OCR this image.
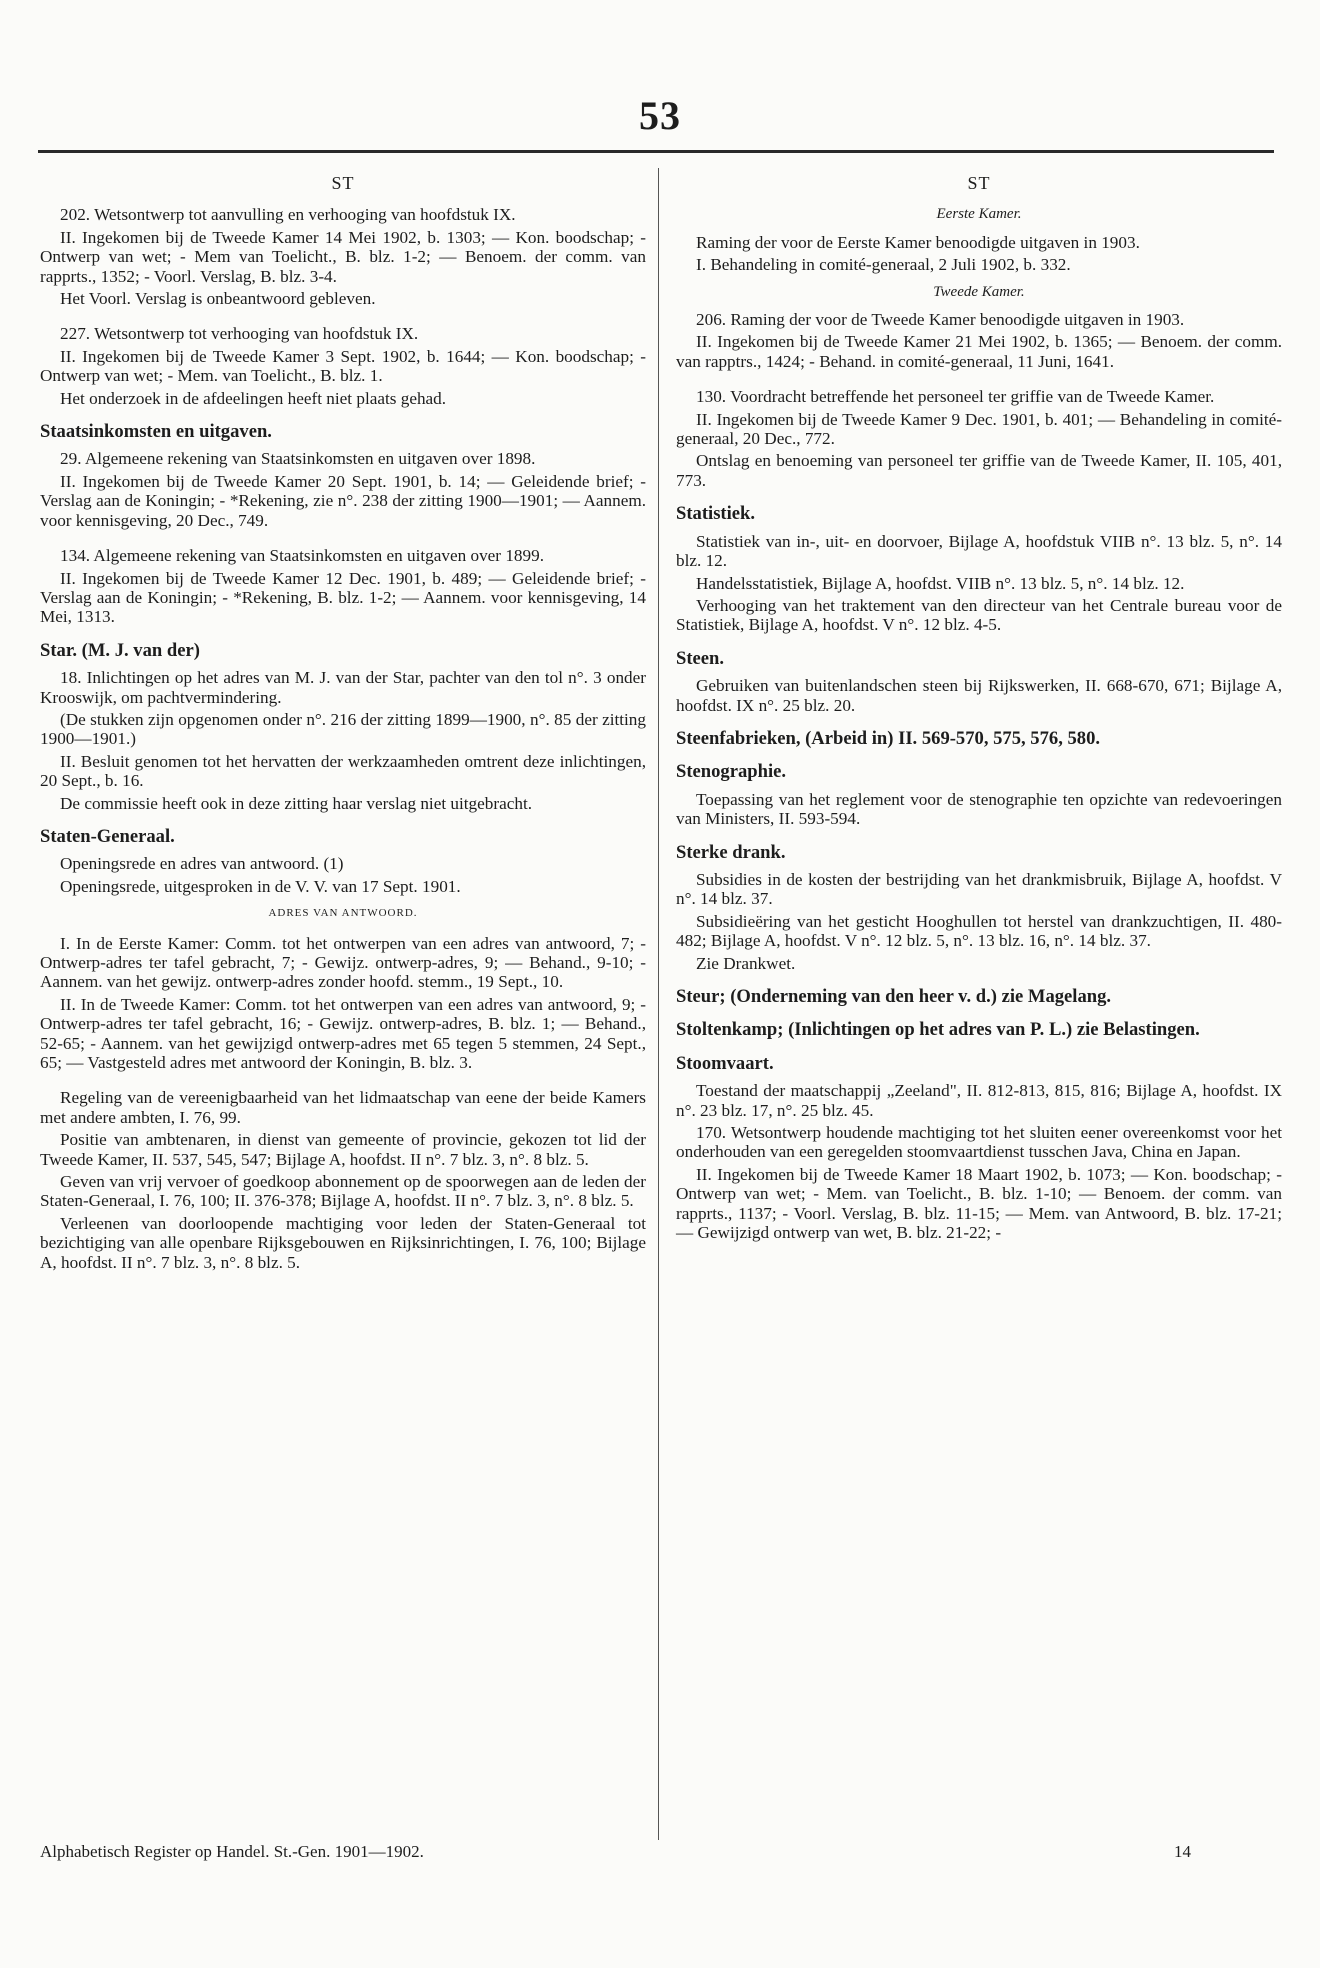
53
ST

202. Wetsontwerp tot aanvulling en verhooging van hoofdstuk IX.

II. Ingekomen bij de Tweede Kamer 14 Mei 1902, b. 1303; — Kon. boodschap; - Ontwerp van wet; - Mem van Toelicht., B. blz. 1-2; — Benoem. der comm. van rapprts., 1352; - Voorl. Verslag, B. blz. 3-4.

Het Voorl. Verslag is onbeantwoord gebleven.

227. Wetsontwerp tot verhooging van hoofdstuk IX.

II. Ingekomen bij de Tweede Kamer 3 Sept. 1902, b. 1644; — Kon. boodschap; - Ontwerp van wet; - Mem. van Toelicht., B. blz. 1.

Het onderzoek in de afdeelingen heeft niet plaats gehad.

Staatsinkomsten en uitgaven.

29. Algemeene rekening van Staatsinkomsten en uitgaven over 1898.

II. Ingekomen bij de Tweede Kamer 20 Sept. 1901, b. 14; — Geleidende brief; - Verslag aan de Koningin; - *Rekening, zie n°. 238 der zitting 1900—1901; — Aannem. voor kennisgeving, 20 Dec., 749.

134. Algemeene rekening van Staatsinkomsten en uitgaven over 1899.

II. Ingekomen bij de Tweede Kamer 12 Dec. 1901, b. 489; — Geleidende brief; - Verslag aan de Koningin; - *Rekening, B. blz. 1-2; — Aannem. voor kennisgeving, 14 Mei, 1313.

Star. (M. J. van der)

18. Inlichtingen op het adres van M. J. van der Star, pachter van den tol n°. 3 onder Krooswijk, om pachtvermindering.

(De stukken zijn opgenomen onder n°. 216 der zitting 1899—1900, n°. 85 der zitting 1900—1901.)

II. Besluit genomen tot het hervatten der werkzaamheden omtrent deze inlichtingen, 20 Sept., b. 16.

De commissie heeft ook in deze zitting haar verslag niet uitgebracht.

Staten-Generaal.

Openingsrede en adres van antwoord. (1)

Openingsrede, uitgesproken in de V. V. van 17 Sept. 1901.

ADRES VAN ANTWOORD.

I. In de Eerste Kamer: Comm. tot het ontwerpen van een adres van antwoord, 7; - Ontwerp-adres ter tafel gebracht, 7; - Gewijz. ontwerp-adres, 9; — Behand., 9-10; - Aannem. van het gewijz. ontwerp-adres zonder hoofd. stemm., 19 Sept., 10.

II. In de Tweede Kamer: Comm. tot het ontwerpen van een adres van antwoord, 9; - Ontwerp-adres ter tafel gebracht, 16; - Gewijz. ontwerp-adres, B. blz. 1; — Behand., 52-65; - Aannem. van het gewijzigd ontwerp-adres met 65 tegen 5 stemmen, 24 Sept., 65; — Vastgesteld adres met antwoord der Koningin, B. blz. 3.

Regeling van de vereenigbaarheid van het lidmaatschap van eene der beide Kamers met andere ambten, I. 76, 99.

Positie van ambtenaren, in dienst van gemeente of provincie, gekozen tot lid der Tweede Kamer, II. 537, 545, 547; Bijlage A, hoofdst. II n°. 7 blz. 3, n°. 8 blz. 5.

Geven van vrij vervoer of goedkoop abonnement op de spoorwegen aan de leden der Staten-Generaal, I. 76, 100; II. 376-378; Bijlage A, hoofdst. II n°. 7 blz. 3, n°. 8 blz. 5.

Verleenen van doorloopende machtiging voor leden der Staten-Generaal tot bezichtiging van alle openbare Rijksgebouwen en Rijksinrichtingen, I. 76, 100; Bijlage A, hoofdst. II n°. 7 blz. 3, n°. 8 blz. 5.

ST
Eerste Kamer.

Raming der voor de Eerste Kamer benoodigde uitgaven in 1903.

I. Behandeling in comité-generaal, 2 Juli 1902, b. 332.

Tweede Kamer.

206. Raming der voor de Tweede Kamer benoodigde uitgaven in 1903.

II. Ingekomen bij de Tweede Kamer 21 Mei 1902, b. 1365; — Benoem. der comm. van rapptrs., 1424; - Behand. in comité-generaal, 11 Juni, 1641.

130. Voordracht betreffende het personeel ter griffie van de Tweede Kamer.

II. Ingekomen bij de Tweede Kamer 9 Dec. 1901, b. 401; — Behandeling in comité-generaal, 20 Dec., 772.

Ontslag en benoeming van personeel ter griffie van de Tweede Kamer, II. 105, 401, 773.

Statistiek.

Statistiek van in-, uit- en doorvoer, Bijlage A, hoofdstuk VIIB n°. 13 blz. 5, n°. 14 blz. 12.

Handelsstatistiek, Bijlage A, hoofdst. VIIB n°. 13 blz. 5, n°. 14 blz. 12.

Verhooging van het traktement van den directeur van het Centrale bureau voor de Statistiek, Bijlage A, hoofdst. V n°. 12 blz. 4-5.

Steen.

Gebruiken van buitenlandschen steen bij Rijkswerken, II. 668-670, 671; Bijlage A, hoofdst. IX n°. 25 blz. 20.

Steenfabrieken, (Arbeid in) II. 569-570, 575, 576, 580.
Stenographie.

Toepassing van het reglement voor de stenographie ten opzichte van redevoeringen van Ministers, II. 593-594.

Sterke drank.

Subsidies in de kosten der bestrijding van het drankmisbruik, Bijlage A, hoofdst. V n°. 14 blz. 37.

Subsidieëring van het gesticht Hooghullen tot herstel van drankzuchtigen, II. 480-482; Bijlage A, hoofdst. V n°. 12 blz. 5, n°. 13 blz. 16, n°. 14 blz. 37.

Zie Drankwet.

Steur; (Onderneming van den heer v. d.) zie Magelang.
Stoltenkamp; (Inlichtingen op het adres van P. L.) zie Belastingen.
Stoomvaart.

Toestand der maatschappij „Zeeland", II. 812-813, 815, 816; Bijlage A, hoofdst. IX n°. 23 blz. 17, n°. 25 blz. 45.

170. Wetsontwerp houdende machtiging tot het sluiten eener overeenkomst voor het onderhouden van een geregelden stoomvaartdienst tusschen Java, China en Japan.

II. Ingekomen bij de Tweede Kamer 18 Maart 1902, b. 1073; — Kon. boodschap; - Ontwerp van wet; - Mem. van Toelicht., B. blz. 1-10; — Benoem. der comm. van rapprts., 1137; - Voorl. Verslag, B. blz. 11-15; — Mem. van Antwoord, B. blz. 17-21; — Gewijzigd ontwerp van wet, B. blz. 21-22; -

Alphabetisch Register op Handel. St.-Gen. 1901—1902.	14
